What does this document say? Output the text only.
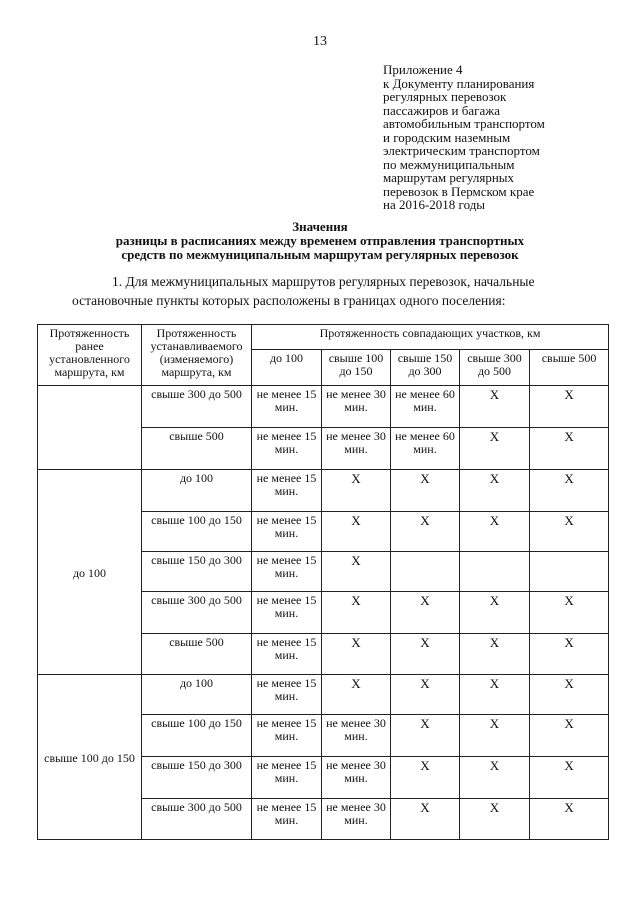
13
Приложение 4
к Документу планирования
регулярных перевозок
пассажиров и багажа
автомобильным транспортом
и городским наземным
электрическим транспортом
по межмуниципальным
маршрутам регулярных
перевозок в Пермском крае
на 2016-2018 годы
Значения
разницы в расписаниях между временем отправления транспортных
средств по межмуниципальным маршрутам регулярных перевозок
1. Для межмуниципальных маршрутов регулярных перевозок, начальные
остановочные пункты которых расположены в границах одного поселения:
Протяженность ранее установленного маршрута, км	Протяженность устанавливаемого (изменяемого) маршрута, км	Протяженность совпадающих участков, км				
		до 100	свыше 100 до 150	свыше 150 до 300	свыше 300 до 500	свыше 500
	свыше 300 до 500	не менее 15 мин.	не менее 30 мин.	не менее 60 мин.	X	X
	свыше 500	не менее 15 мин.	не менее 30 мин.	не менее 60 мин.	X	X
до 100	до 100	не менее 15 мин.	X	X	X	X
	свыше 100 до 150	не менее 15 мин.	X	X	X	X
	свыше 150 до 300	не менее 15 мин.	X			
	свыше 300 до 500	не менее 15 мин.	X	X	X	X
	свыше 500	не менее 15 мин.	X	X	X	X
свыше 100 до 150	до 100	не менее 15 мин.	X	X	X	X
	свыше 100 до 150	не менее 15 мин.	не менее 30 мин.	X	X	X
	свыше 150 до 300	не менее 15 мин.	не менее 30 мин.	X	X	X
	свыше 300 до 500	не менее 15 мин.	не менее 30 мин.	X	X	X
